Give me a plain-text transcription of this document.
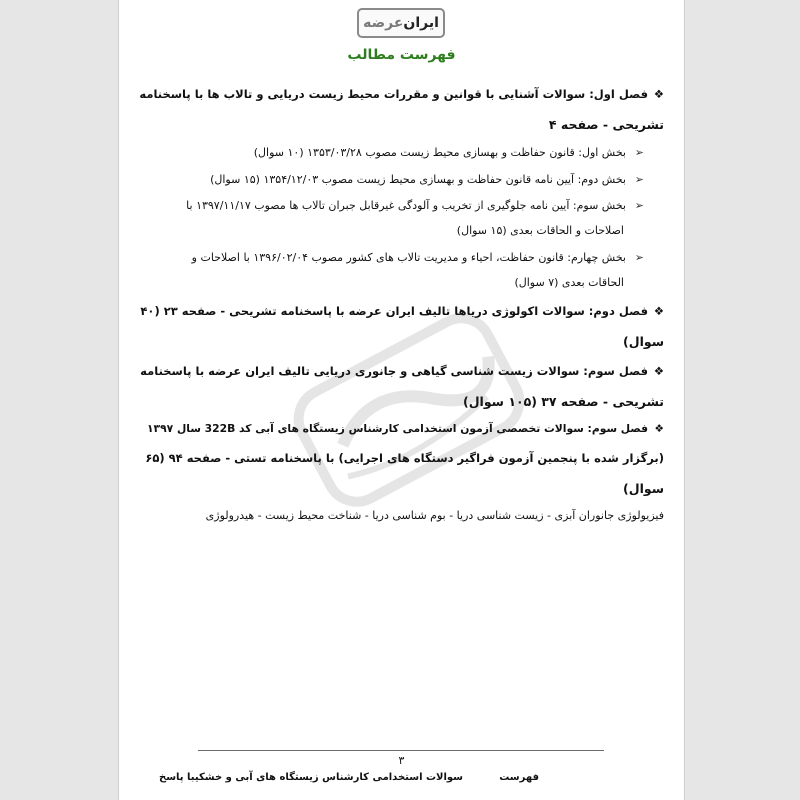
ایران
عرضه
فهرست مطالب
❖فصل اول: سوالات آشنایی با قوانین و مقررات محیط زیست دریایی و تالاب ها با پاسخنامه
تشریحی - صفحه ۴
➢بخش اول: قانون حفاظت و بهسازی محیط زیست مصوب ۱۳۵۳/۰۳/۲۸ (۱۰ سوال)
➢بخش دوم: آیین نامه قانون حفاظت و بهسازی محیط زیست مصوب ۱۳۵۴/۱۲/۰۳ (۱۵ سوال)
➢بخش سوم: آیین نامه جلوگیری از تخریب و آلودگی غیرقابل جبران تالاب ها مصوب ۱۳۹۷/۱۱/۱۷ با
اصلاحات و الحاقات بعدی (۱۵ سوال)
➢بخش چهارم: قانون حفاظت، احیاء و مدیریت تالاب های کشور مصوب ۱۳۹۶/۰۲/۰۴ با اصلاحات و
الحاقات بعدی (۷ سوال)
❖فصل دوم: سوالات اکولوژی دریاها تالیف ایران عرضه با پاسخنامه تشریحی - صفحه ۲۳ (۴۰
سوال)
❖فصل سوم: سوالات زیست شناسی گیاهی و جانوری دریایی تالیف ایران عرضه با پاسخنامه
تشریحی - صفحه ۳۷ (۱۰۵ سوال)
❖فصل سوم: سوالات تخصصی آزمون استخدامی کارشناس زیستگاه های آبی کد 322B سال ۱۳۹۷
(برگزار شده با پنجمین آزمون فراگیر دستگاه های اجرایی) با پاسخنامه تستی - صفحه ۹۴ (۶۵
سوال)
فیزیولوژی جانوران آبزی - زیست شناسی دریا - بوم شناسی دریا - شناخت محیط زیست - هیدرولوژی
۳
سوالات استخدامی کارشناس زیستگاه های آبی و خشکیبا پاسخ	فهرست
